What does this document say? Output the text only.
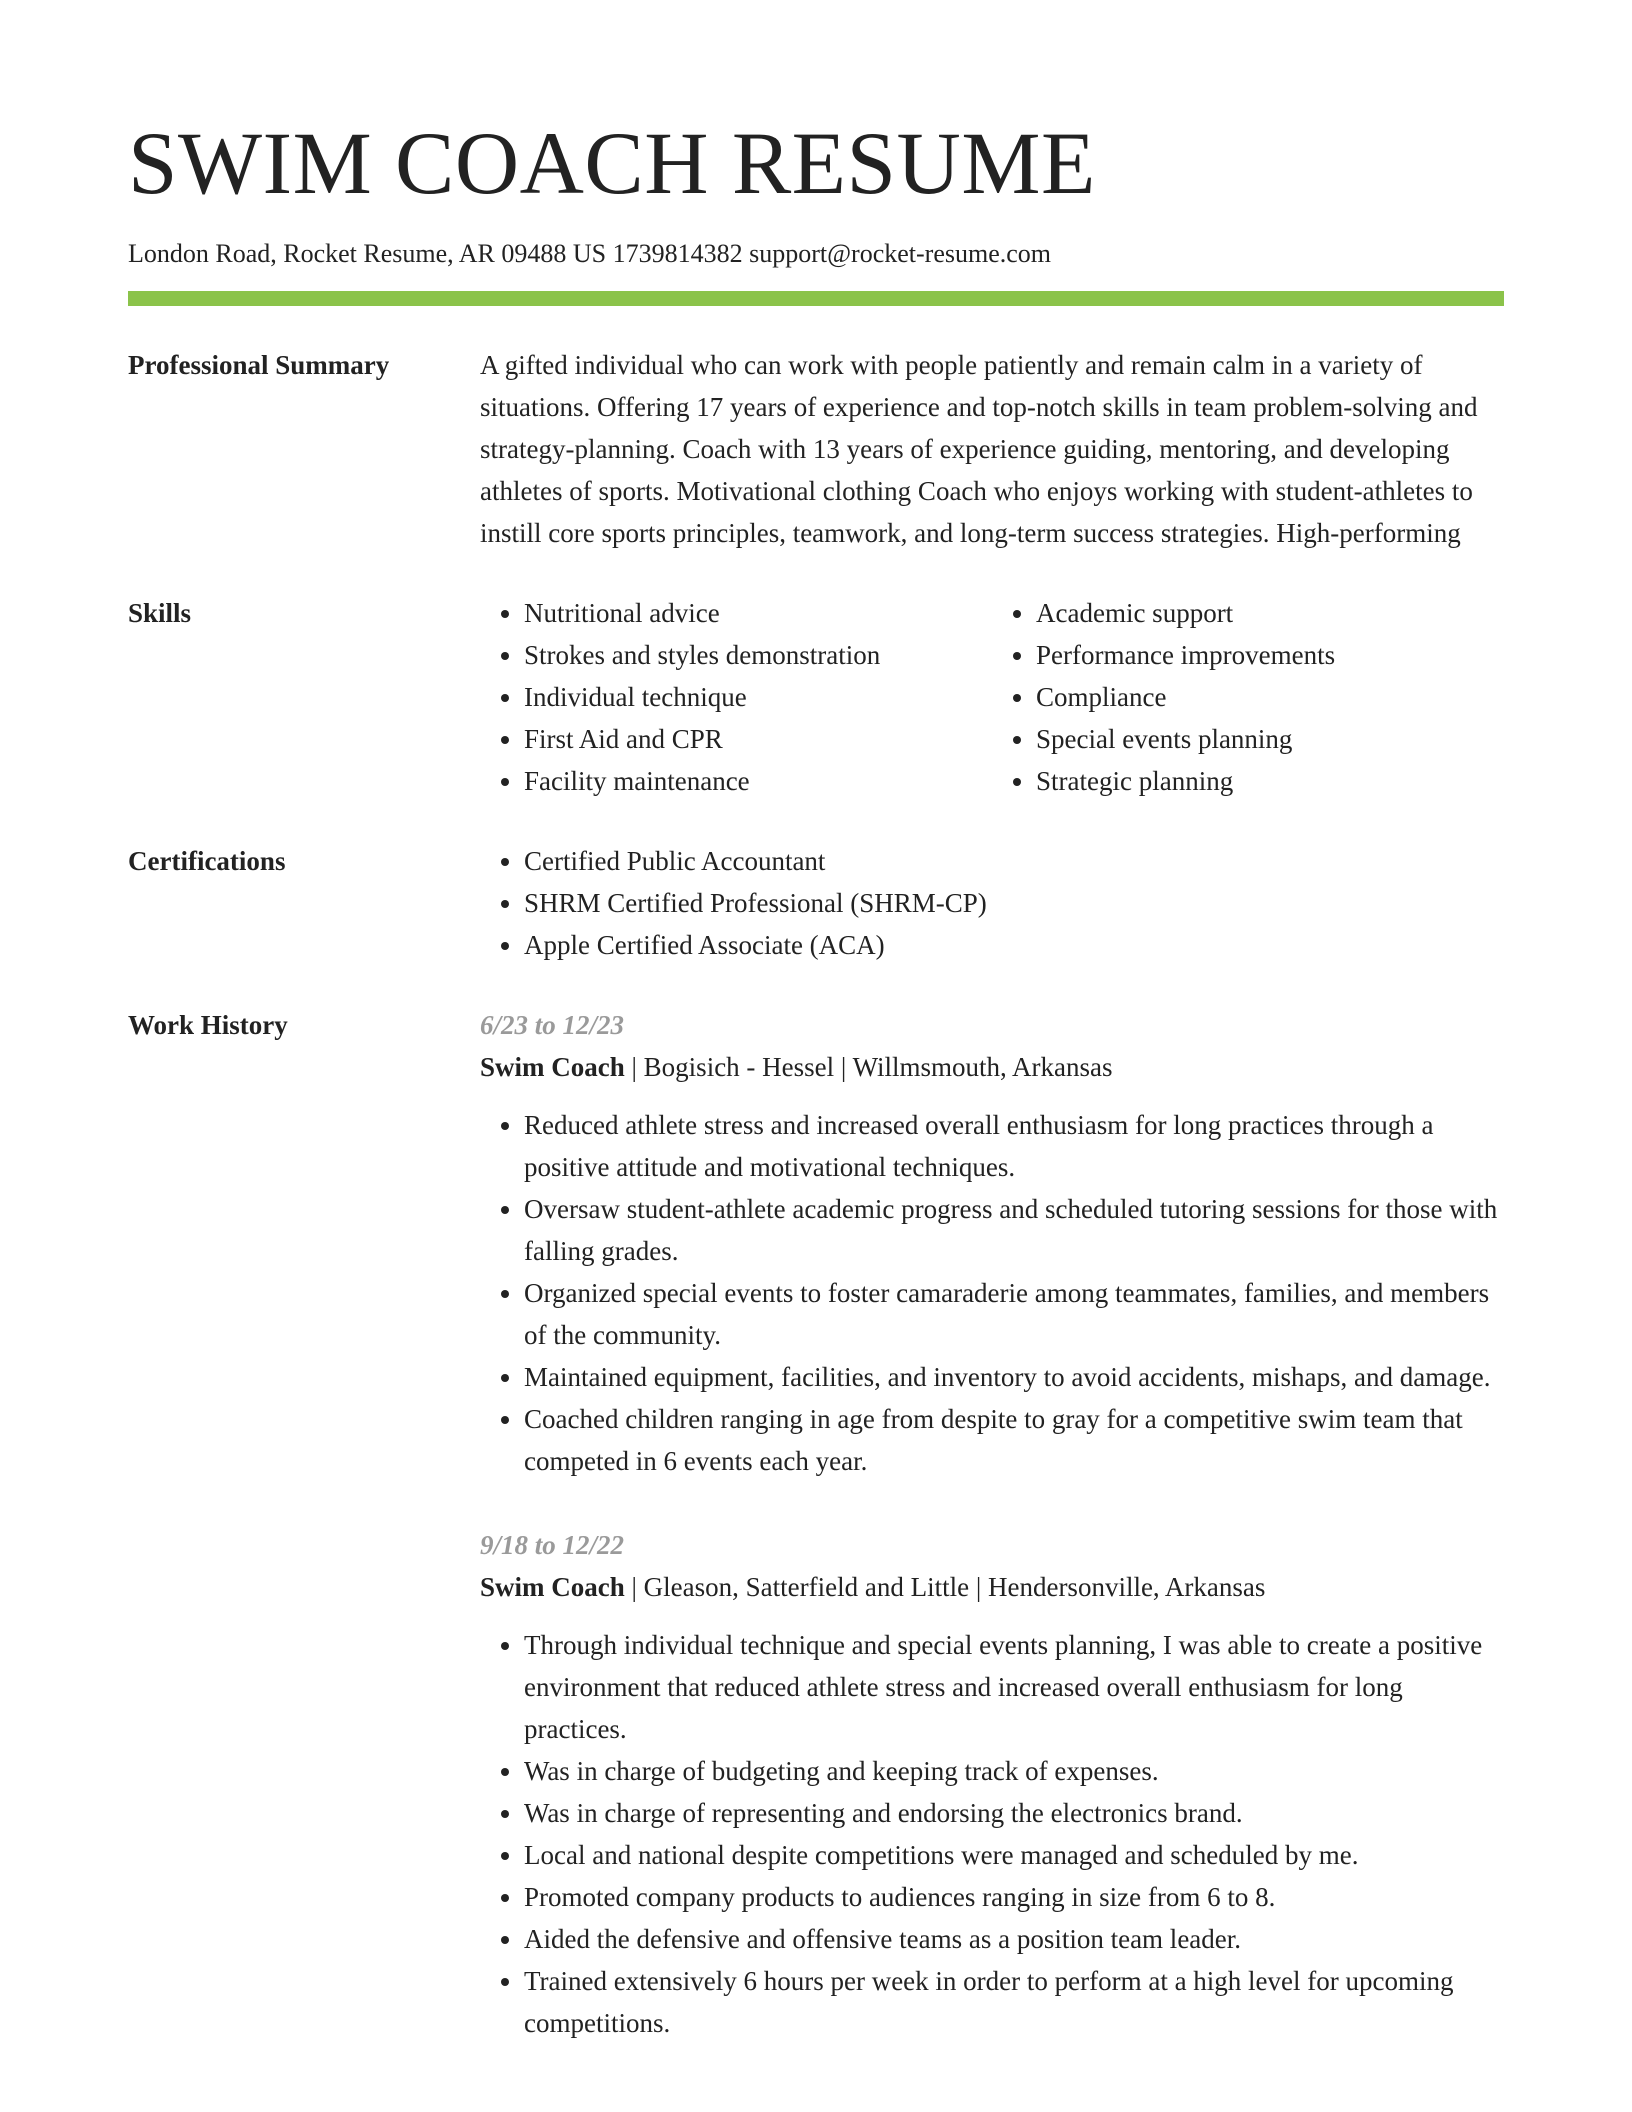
SWIM COACH RESUME
London Road, Rocket Resume, AR 09488 US 1739814382 support@rocket-resume.com
Professional Summary	A gifted individual who can work with people patiently and remain calm in a variety of situations. Offering 17 years of experience and top-notch skills in team problem-solving and strategy-planning. Coach with 13 years of experience guiding, mentoring, and developing athletes of sports. Motivational clothing Coach who enjoys working with student-athletes to instill core sports principles, teamwork, and long-term success strategies. High-performing

Skills	• Nutritional advice
• Strokes and styles demonstration
• Individual technique
• First Aid and CPR
• Facility maintenance
• Academic support
• Performance improvements
• Compliance
• Special events planning
• Strategic planning
Certifications	• Certified Public Accountant
• SHRM Certified Professional (SHRM-CP)
• Apple Certified Associate (ACA)
Work History	6/23 to 12/23
Swim Coach | Bogisich - Hessel | Willmsmouth, Arkansas
• Reduced athlete stress and increased overall enthusiasm for long practices through a positive attitude and motivational techniques.
• Oversaw student-athlete academic progress and scheduled tutoring sessions for those with falling grades.
• Organized special events to foster camaraderie among teammates, families, and members of the community.
• Maintained equipment, facilities, and inventory to avoid accidents, mishaps, and damage.
• Coached children ranging in age from despite to gray for a competitive swim team that competed in 6 events each year.
9/18 to 12/22
Swim Coach | Gleason, Satterfield and Little | Hendersonville, Arkansas
• Through individual technique and special events planning, I was able to create a positive environment that reduced athlete stress and increased overall enthusiasm for long practices.
• Was in charge of budgeting and keeping track of expenses.
• Was in charge of representing and endorsing the electronics brand.
• Local and national despite competitions were managed and scheduled by me.
• Promoted company products to audiences ranging in size from 6 to 8.
• Aided the defensive and offensive teams as a position team leader.
• Trained extensively 6 hours per week in order to perform at a high level for upcoming competitions.
